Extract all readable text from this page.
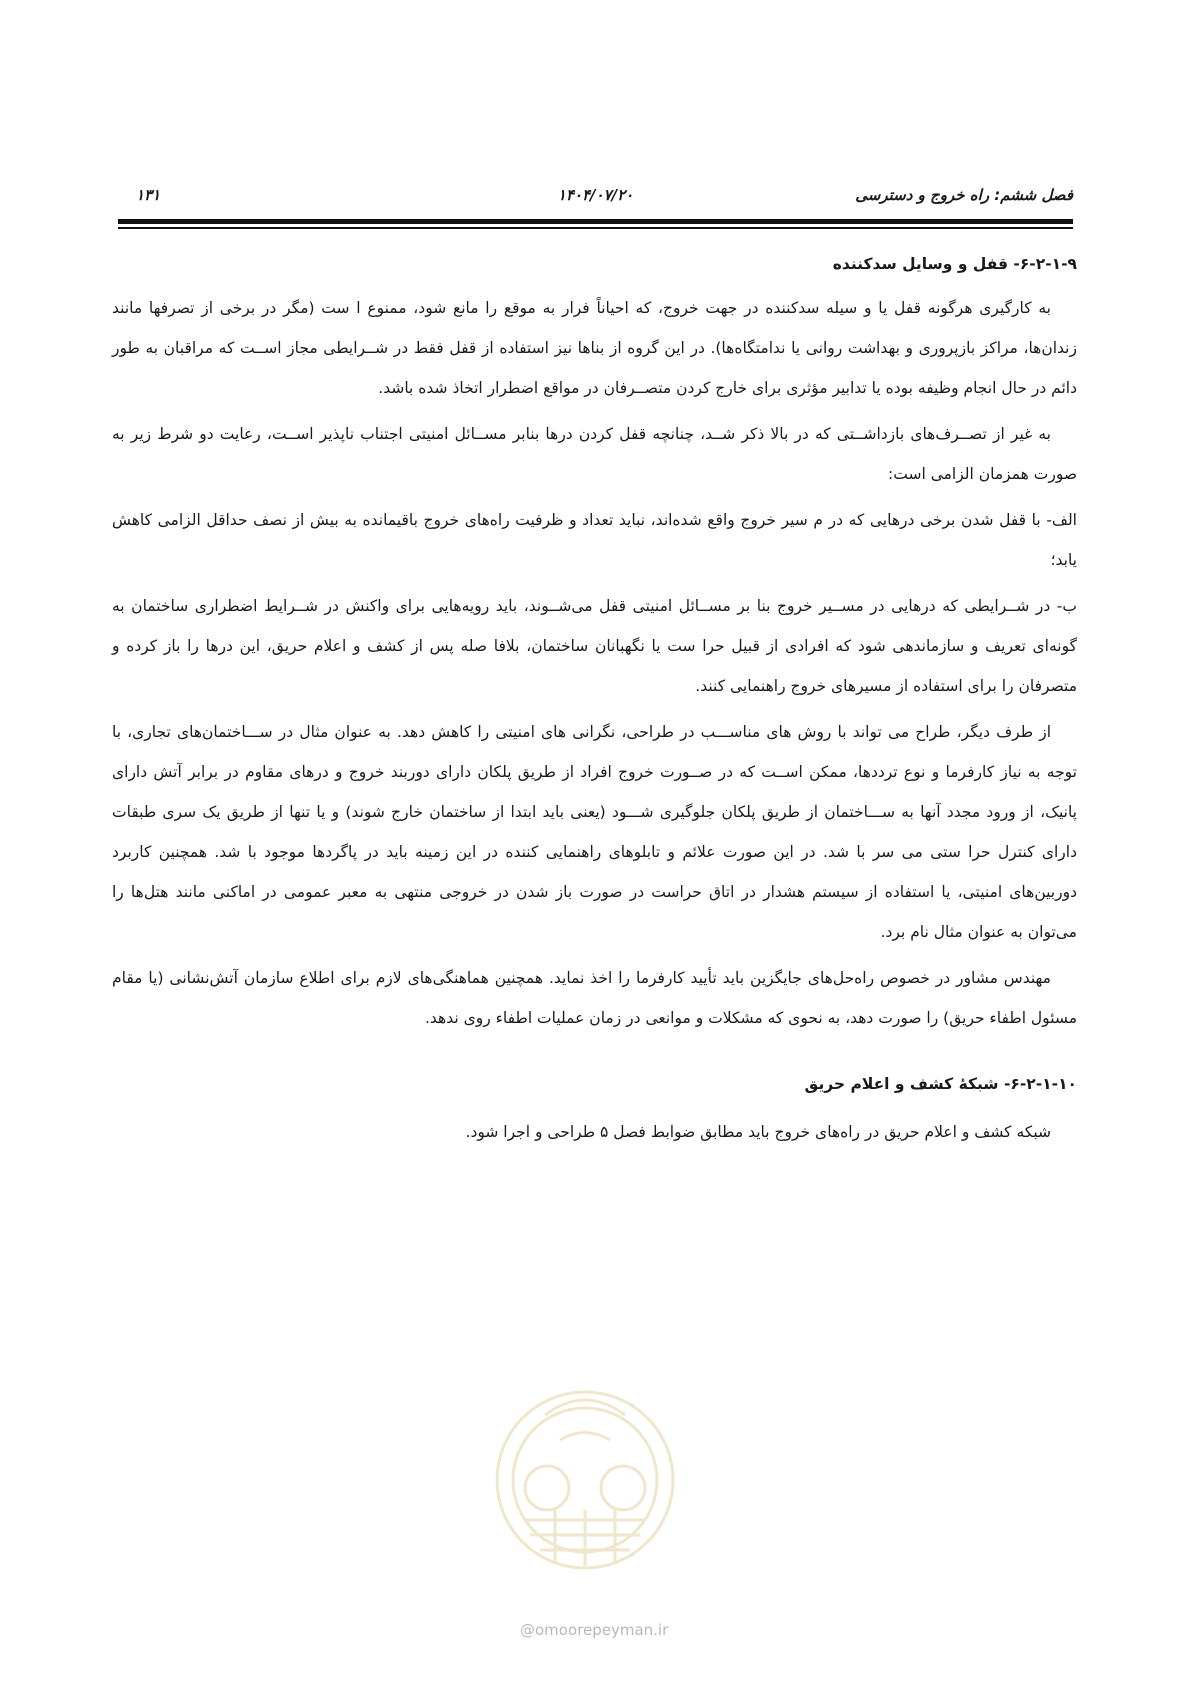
فصل ششم: راه خروج و دسترسی
۱۴۰۴/۰۷/۲۰
۱۳۱
۶-۲-۱-۹- قفل و وسایل سدکننده

به کارگیری هرگونه قفل یا و سیله سدکننده در جهت خروج، که احیاناً فرار به موقع را مانع شود، ممنوع ا ست (مگر در برخی از تصرفها مانند زندان‌ها، مراکز بازپروری و بهداشت روانی یا ندامتگاه‌ها). در این گروه از بناها نیز استفاده از قفل فقط در شــرایطی مجاز اســت که مراقبان به طور دائم در حال انجام وظیفه بوده یا تدابیر مؤثری برای خارج کردن متصــرفان در مواقع اضطرار اتخاذ شده باشد.

به غیر از تصــرف‌های بازداشــتی که در بالا ذکر شــد، چنانچه قفل کردن درها بنابر مســائل امنیتی اجتناب ناپذیر اســت، رعایت دو شرط زیر به صورت همزمان الزامی است:

الف- با قفل شدن برخی درهایی که در م سیر خروج واقع شده‌اند، نباید تعداد و ظرفیت راه‌های خروج باقیمانده به بیش از نصف حداقل الزامی کاهش یابد؛

ب- در شــرایطی که درهایی در مســیر خروج بنا بر مســائل امنیتی قفل می‌شــوند، باید رویه‌هایی برای واکنش در شــرایط اضطراری ساختمان به گونه‌ای تعریف و سازماندهی شود که افرادی از قبیل حرا ست یا نگهبانان ساختمان، بلافا صله پس از کشف و اعلام حریق، این درها را باز کرده و متصرفان را برای استفاده از مسیرهای خروج راهنمایی کنند.

از طرف دیگر، طراح می تواند با روش های مناســـب در طراحی، نگرانی های امنیتی را کاهش دهد. به عنوان مثال در ســـاختمان‌های تجاری، با توجه به نیاز کارفرما و نوع ترددها، ممکن اســت که در صــورت خروج افراد از طریق پلکان دارای دوربند خروج و درهای مقاوم در برابر آتش دارای پانیک، از ورود مجدد آنها به ســـاختمان از طریق پلکان جلوگیری شـــود (یعنی باید ابتدا از ساختمان خارج شوند) و یا تنها از طریق یک سری طبقات دارای کنترل حرا ستی می سر با شد. در این صورت علائم و تابلوهای راهنمایی کننده در این زمینه باید در پاگردها موجود با شد. همچنین کاربرد دوربین‌های امنیتی، یا استفاده از سیستم هشدار در اتاق حراست در صورت باز شدن در خروجی منتهی به معبر عمومی در اماکنی مانند هتل‌ها را می‌توان به عنوان مثال نام برد.

مهندس مشاور در خصوص راه‌حل‌های جایگزین باید تأیید کارفرما را اخذ نماید. همچنین هماهنگی‌های لازم برای اطلاع سازمان آتش‌نشانی (یا مقام مسئول اطفاء حریق) را صورت دهد، به نحوی که مشکلات و موانعی در زمان عملیات اطفاء روی ندهد.

۶-۲-۱-۱۰- شبکۀ کشف و اعلام حریق

شبکه کشف و اعلام حریق در راه‌های خروج باید مطابق ضوابط فصل ۵ طراحی و اجرا شود.

@omoorepeyman.ir
